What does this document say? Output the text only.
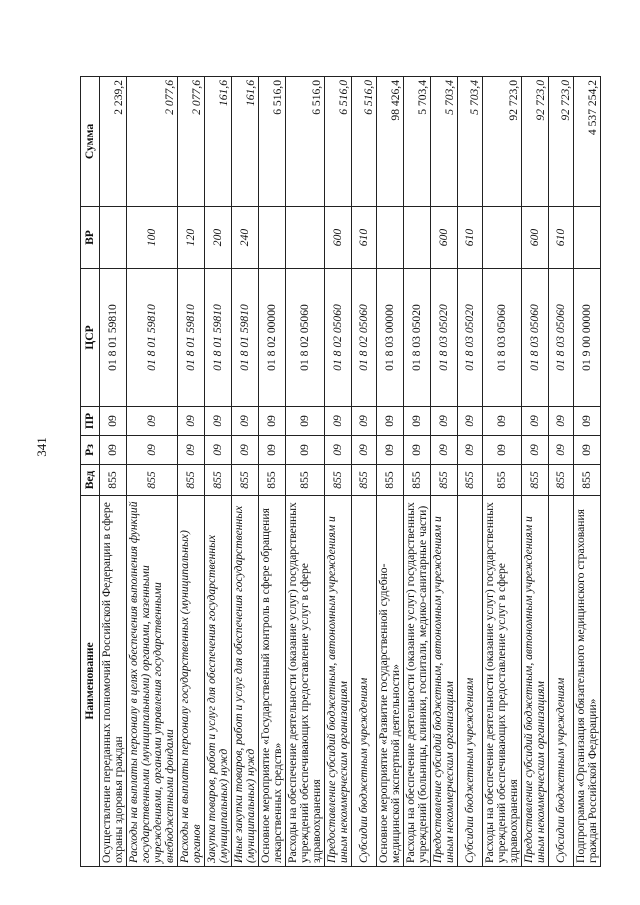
341
Наименование	Вед	Рз	ПР	ЦСР	ВР	Сумма
Осуществление переданных полномочий Российской Федерации в сфере охраны здоровья граждан	855	09	09	01 8 01 59810		2 239,2
Расходы на выплаты персоналу в целях обеспечения выполнения функций государственными (муниципальными) органами, казенными учреждениями, органами управления государственными внебюджетными фондами	855	09	09	01 8 01 59810	100	2 077,6
Расходы на выплаты персоналу государственных (муниципальных) органов	855	09	09	01 8 01 59810	120	2 077,6
Закупка товаров, работ и услуг для обеспечения государственных (муниципальных) нужд	855	09	09	01 8 01 59810	200	161,6
Иные закупки товаров, работ и услуг для обеспечения государственных (муниципальных) нужд	855	09	09	01 8 01 59810	240	161,6
Основное мероприятие «Государственный контроль в сфере обращения лекарственных средств»	855	09	09	01 8 02 00000		6 516,0
Расходы на обеспечение деятельности (оказание услуг) государственных учреждений обеспечивающих предоставление услуг в сфере здравоохранения	855	09	09	01 8 02 05060		6 516,0
Предоставление субсидий бюджетным, автономным учреждениям и иным некоммерческим организациям	855	09	09	01 8 02 05060	600	6 516,0
Субсидии бюджетным учреждениям	855	09	09	01 8 02 05060	610	6 516,0
Основное мероприятие «Развитие государственной судебно-медицинской экспертной деятельности»	855	09	09	01 8 03 00000		98 426,4
Расходы на обеспечение деятельности (оказание услуг) государственных учреждений (больницы, клиники, госпитали, медико-санитарные части)	855	09	09	01 8 03 05020		5 703,4
Предоставление субсидий бюджетным, автономным учреждениям и иным некоммерческим организациям	855	09	09	01 8 03 05020	600	5 703,4
Субсидии бюджетным учреждениям	855	09	09	01 8 03 05020	610	5 703,4
Расходы на обеспечение деятельности (оказание услуг) государственных учреждений обеспечивающих предоставление услуг в сфере здравоохранения	855	09	09	01 8 03 05060		92 723,0
Предоставление субсидий бюджетным, автономным учреждениям и иным некоммерческим организациям	855	09	09	01 8 03 05060	600	92 723,0
Субсидии бюджетным учреждениям	855	09	09	01 8 03 05060	610	92 723,0
Подпрограмма «Организация обязательного медицинского страхования граждан Российской Федерации»	855	09	09	01 9 00 00000		4 537 254,2
